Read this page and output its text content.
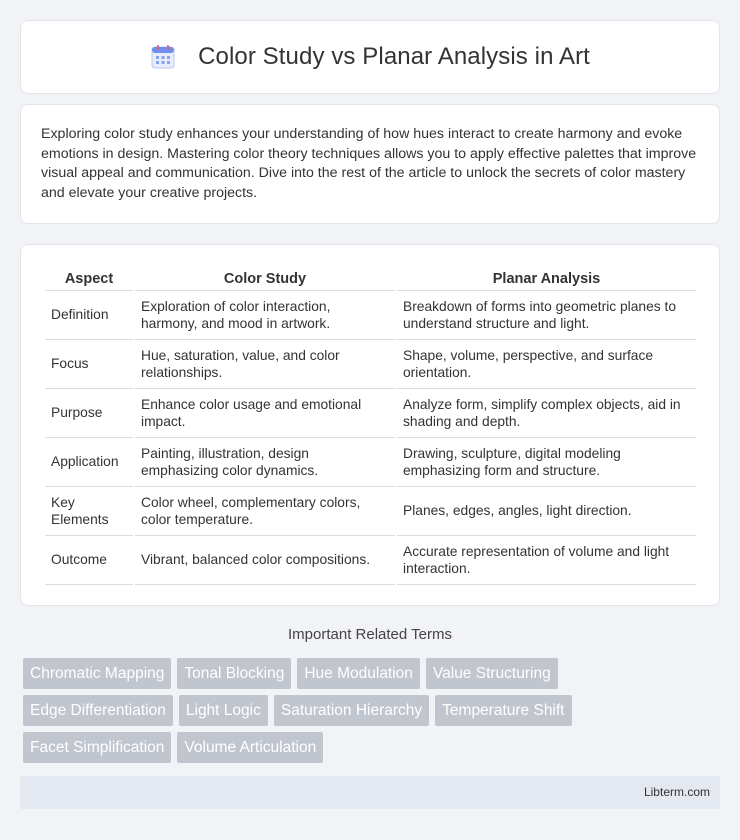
Color Study vs Planar Analysis in Art

Exploring color study enhances your understanding of how hues interact to create harmony and evoke emotions in design. Mastering color theory techniques allows you to apply effective palettes that improve visual appeal and communication. Dive into the rest of the article to unlock the secrets of color mastery and elevate your creative projects.

Aspect	Color Study	Planar Analysis
Definition	Exploration of color interaction, harmony, and mood in artwork.	Breakdown of forms into geometric planes to understand structure and light.
Focus	Hue, saturation, value, and color relationships.	Shape, volume, perspective, and surface orientation.
Purpose	Enhance color usage and emotional impact.	Analyze form, simplify complex objects, aid in shading and depth.
Application	Painting, illustration, design emphasizing color dynamics.	Drawing, sculpture, digital modeling emphasizing form and structure.
Key Elements	Color wheel, complementary colors, color temperature.	Planes, edges, angles, light direction.
Outcome	Vibrant, balanced color compositions.	Accurate representation of volume and light interaction.
Important Related Terms
Chromatic Mapping	Tonal Blocking	Hue Modulation	Value Structuring
Edge Differentiation	Light Logic	Saturation Hierarchy	Temperature Shift
Facet Simplification	Volume Articulation
Libterm.com
